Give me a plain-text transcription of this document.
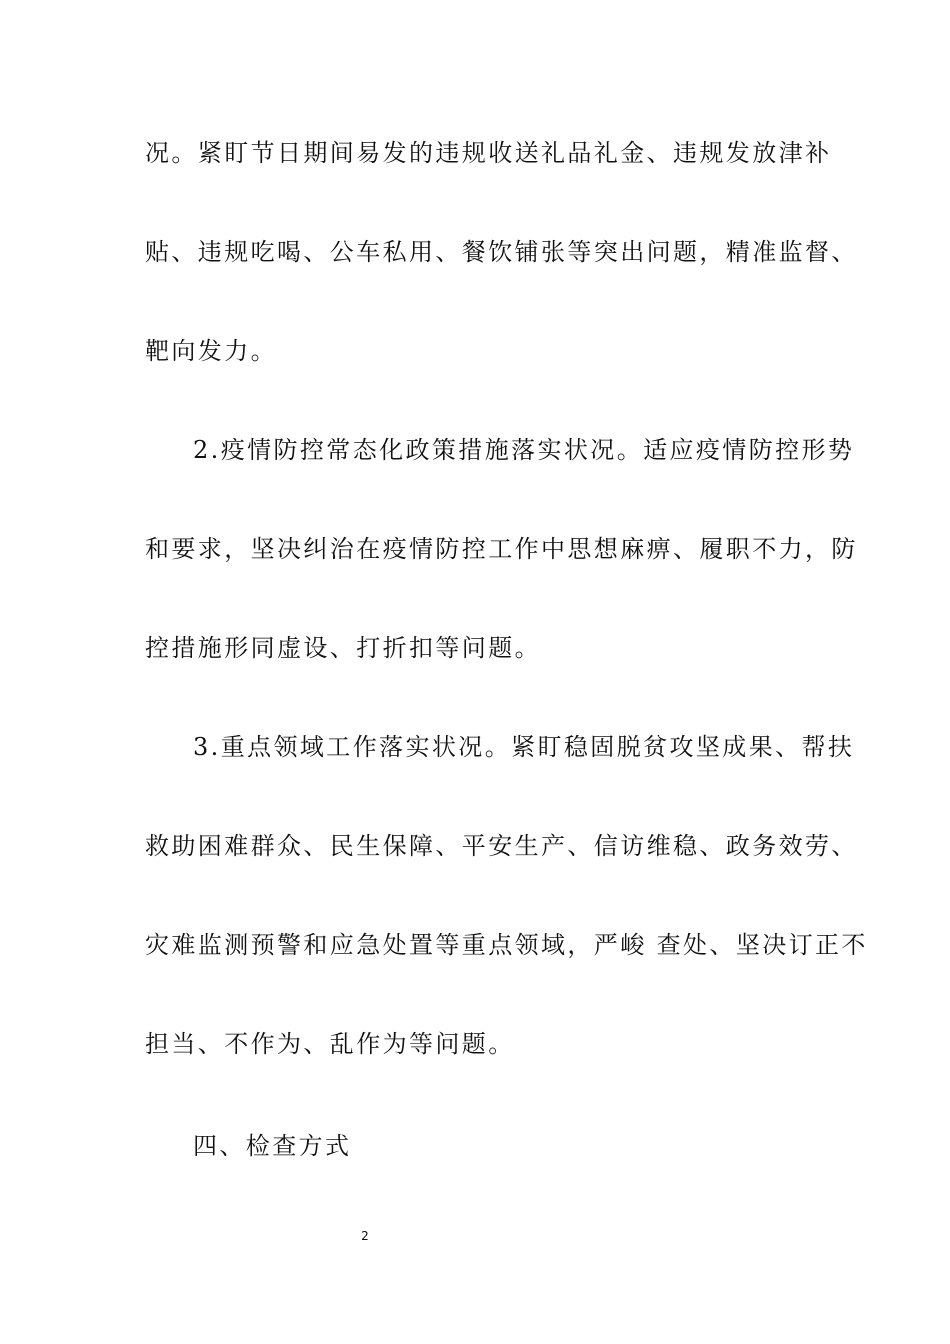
况。紧盯节日期间易发的违规收送礼品礼金、违规发放津补
贴、违规吃喝、公车私用、餐饮铺张等突出问题，精准监督、
靶向发力。
2.疫情防控常态化政策措施落实状况。适应疫情防控形势
和要求，坚决纠治在疫情防控工作中思想麻痹、履职不力，防
控措施形同虚设、打折扣等问题。
3.重点领域工作落实状况。紧盯稳固脱贫攻坚成果、帮扶
救助困难群众、民生保障、平安生产、信访维稳、政务效劳、
灾难监测预警和应急处置等重点领域，严峻 查处、坚决订正不
担当、不作为、乱作为等问题。
四、检查方式
2
